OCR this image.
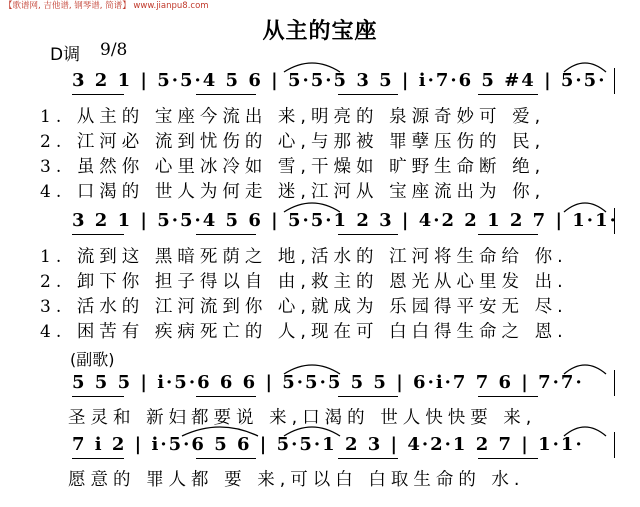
【歌谱网, 吉他谱, 钢琴谱, 简谱】 www.jianpu8.com
从主的宝座
D调 9/8
3 2 1 | 5·5·4 5 6 | 5·5·5 3 5 | i·7·6 5 #4 | 5·5·
1. 从主的 宝座今流出 来,明亮的 泉源奇妙可 爱,
2. 江河必 流到忧伤的 心,与那被 罪孽压伤的 民,
3. 虽然你 心里冰冷如 雪,干燥如 旷野生命断 绝,
4. 口渴的 世人为何走 迷,江河从 宝座流出为 你,
3 2 1 | 5·5·4 5 6 | 5·5·1 2 3 | 4·2 2 1 2 7 | 1·1·
1. 流到这 黑暗死荫之 地,活水的 江河将生命给 你.
2. 卸下你 担子得以自 由,救主的 恩光从心里发 出.
3. 活水的 江河流到你 心,就成为 乐园得平安无 尽.
4. 困苦有 疾病死亡的 人,现在可 白白得生命之 恩.
(副歌)
5 5 5 | i·5·6 6 6 | 5·5·5 5 5 | 6·i·7 7 6 | 7·7·
圣灵和 新妇都要说 来,口渴的 世人快快要 来,
7 i 2 | i·5·6 5 6 | 5·5·1 2 3 | 4·2·1 2 7 | 1·1·
愿意的 罪人都 要 来,可以白 白取生命的 水.
